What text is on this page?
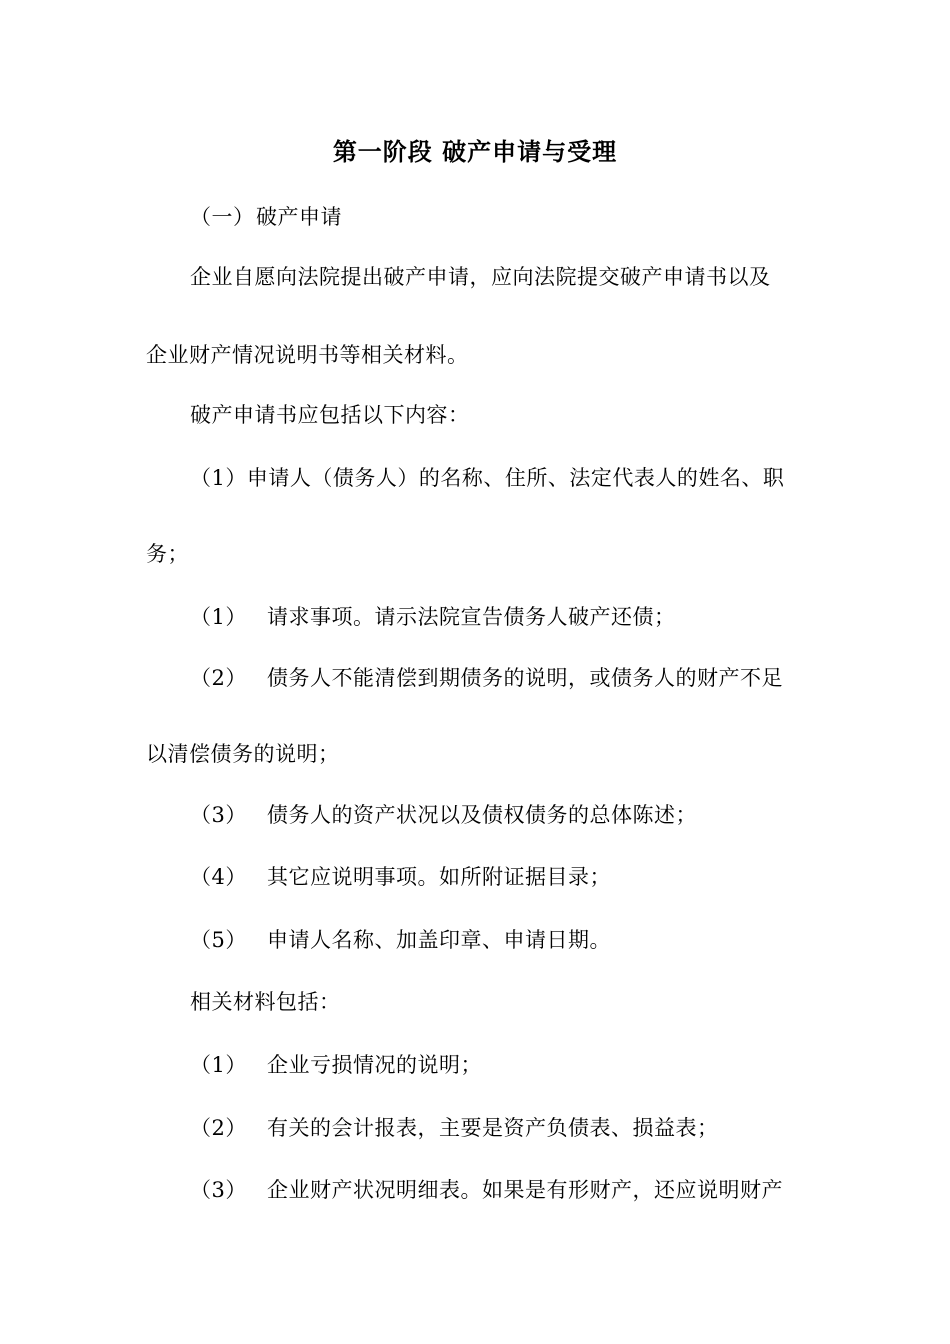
第一阶段 破产申请与受理
（一）破产申请
企业自愿向法院提出破产申请，应向法院提交破产申请书以及
企业财产情况说明书等相关材料。
破产申请书应包括以下内容：
（1）申请人（债务人）的名称、住所、法定代表人的姓名、职
务；
（1） 请求事项。请示法院宣告债务人破产还债；
（2） 债务人不能清偿到期债务的说明，或债务人的财产不足
以清偿债务的说明；
（3） 债务人的资产状况以及债权债务的总体陈述；
（4） 其它应说明事项。如所附证据目录；
（5） 申请人名称、加盖印章、申请日期。
相关材料包括：
（1） 企业亏损情况的说明；
（2） 有关的会计报表，主要是资产负债表、损益表；
（3） 企业财产状况明细表。如果是有形财产，还应说明财产
